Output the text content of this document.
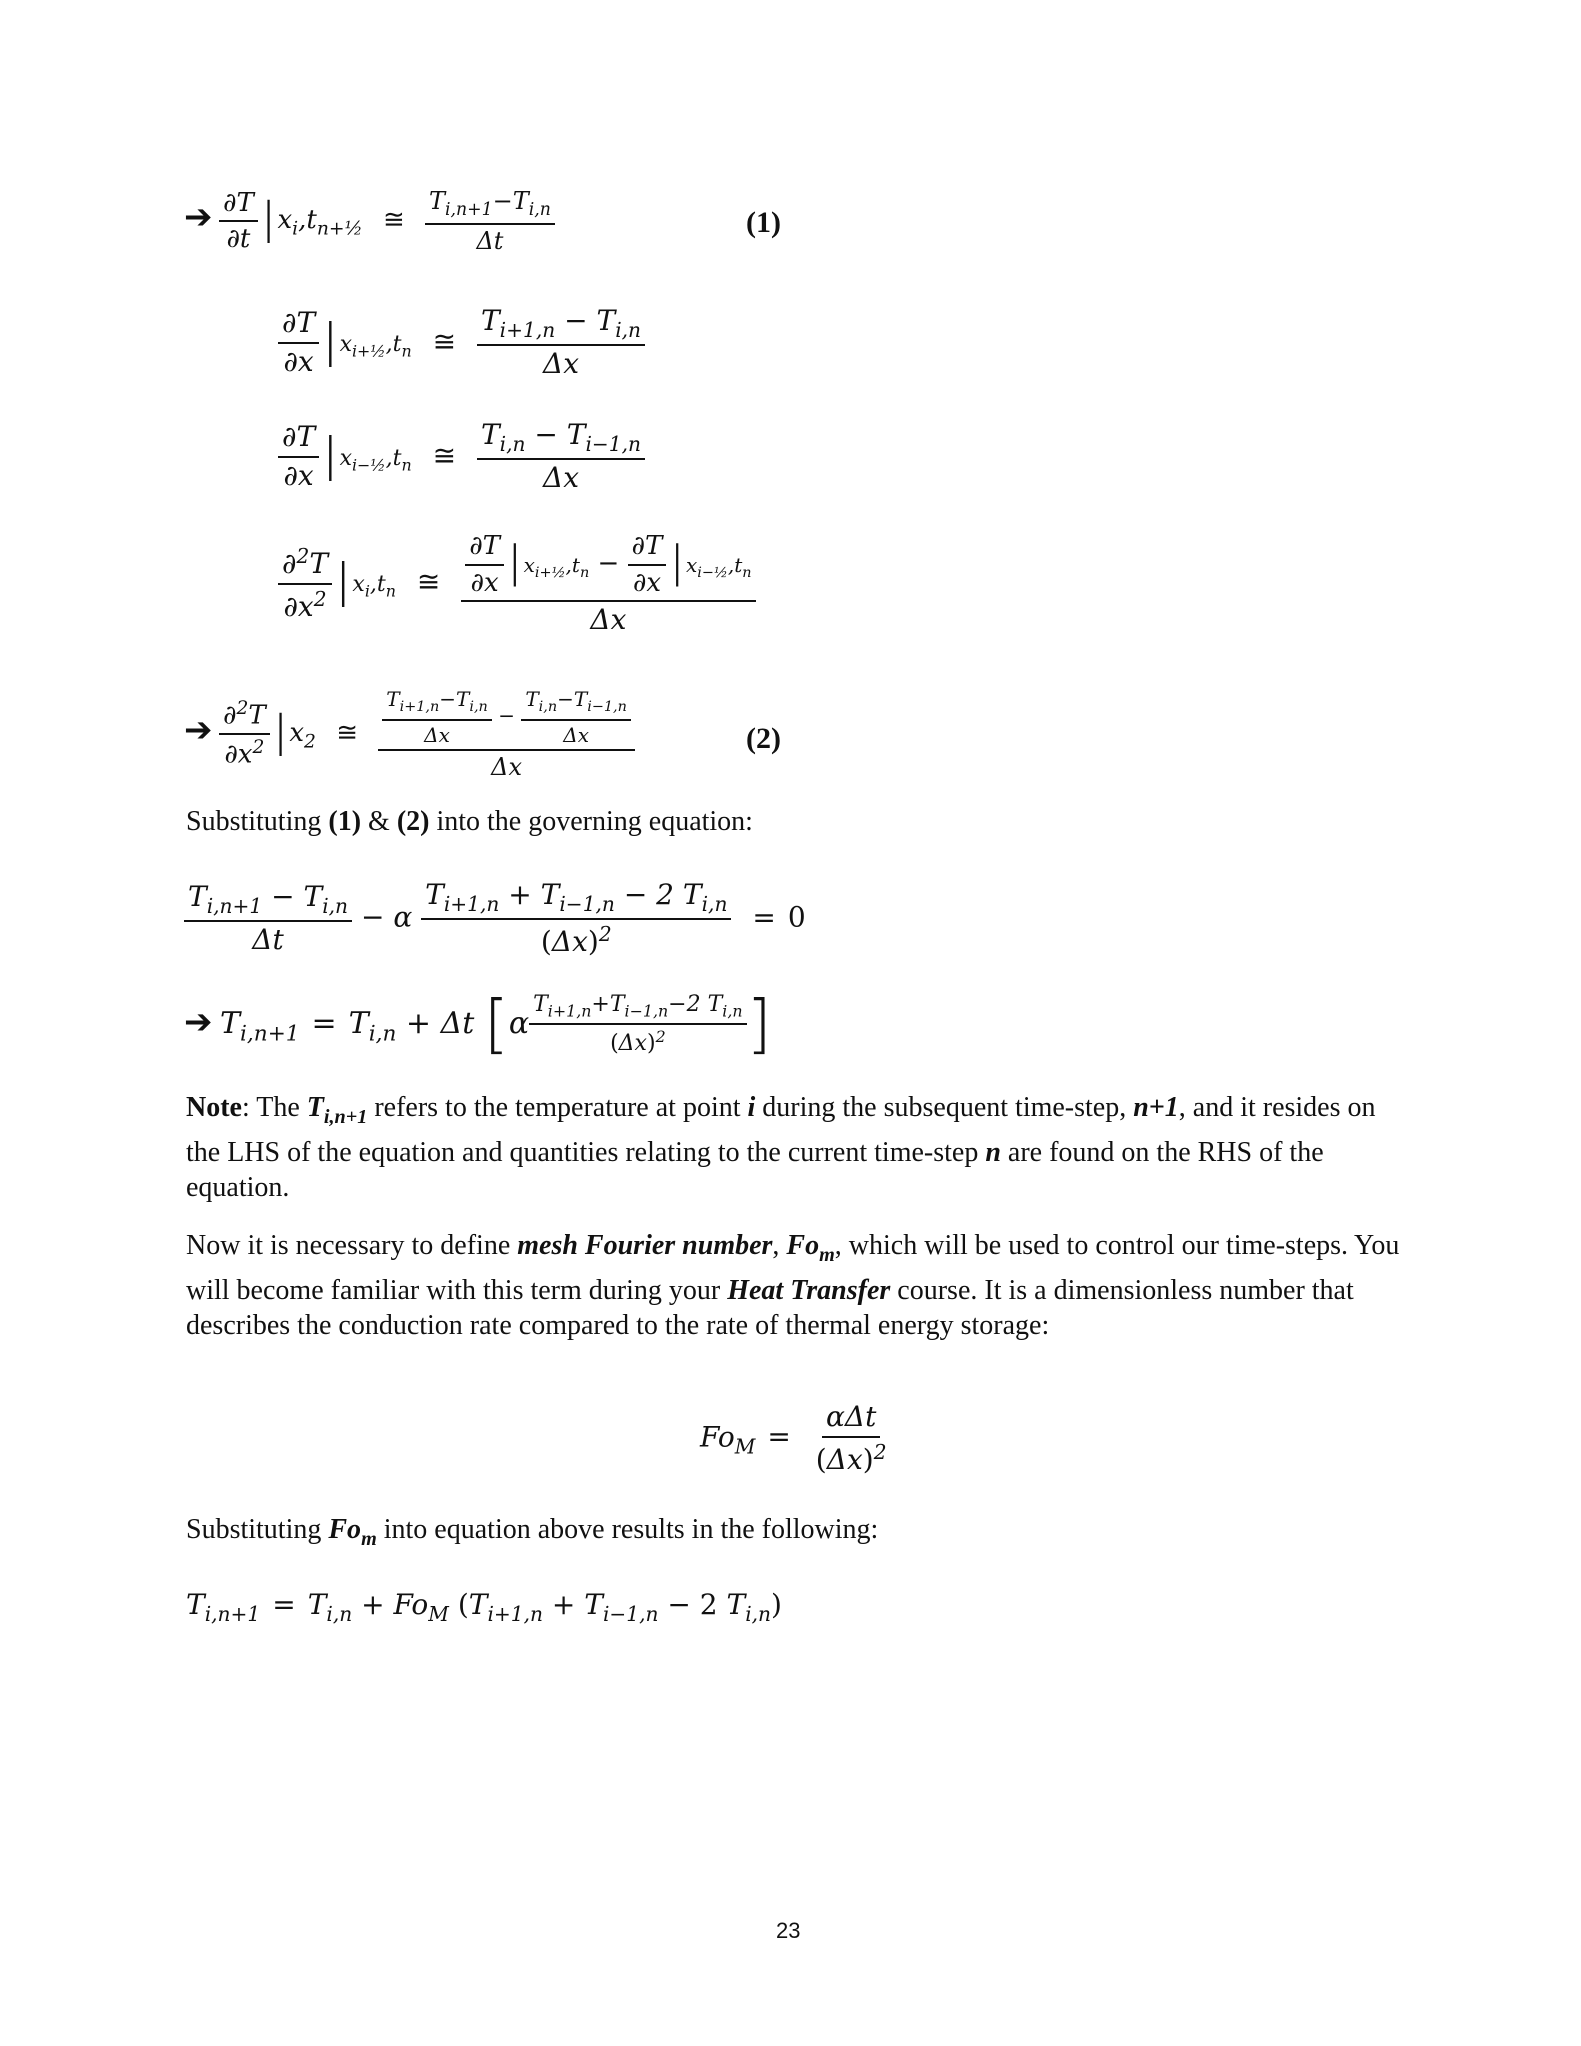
➔ $\frac{\partial T}{\partial t}$ | $x_i,t_{n+\frac{1}{2}}$ ≅ $\frac{T_{i,n+1}-T_{i,n}}{\Delta t}$	(1)
$\frac{\partial T}{\partial x}$ | $x_{i+\frac{1}{2}},t_n$ ≅ $\frac{T_{i+1,n} - T_{i,n}}{\Delta x}$
$\frac{\partial T}{\partial x}$ | $x_{i-\frac{1}{2}},t_n$ ≅ $\frac{T_{i,n} - T_{i-1,n}}{\Delta x}$
$\frac{\partial^2T}{\partial x^2}$ | $x_i,t_n$ ≅ $\frac{\frac{\partial T}{\partial x} | x_{i+\frac{1}{2}},t_n - \frac{\partial T}{\partial x} | x_{i-\frac{1}{2}},t_n}{\Delta x}$
➔ $\frac{\partial^2T}{\partial x^2}$ | $x_2$ ≅ $\frac{\frac{T_{i+1,n}-T_{i,n}}{\Delta x} - \frac{T_{i,n}-T_{i-1,n}}{\Delta x}}{\Delta x}$	(2)
Substituting (1) & (2) into the governing equation:
$\frac{T_{i,n+1} - T_{i,n}}{\Delta t} - \alpha \frac{T_{i+1,n} + T_{i-1,n} - 2 T_{i,n}}{(\Delta x)^2} = 0$
➔ $T_{i,n+1} = T_{i,n} + \Delta t$ [$\alpha \frac{T_{i+1,n}+T_{i-1,n}-2 T_{i,n}}{(\Delta x)^2}$ ]
Note: The $T_{i,n+1}$ refers to the temperature at point i during the subsequent time-step, n+1, and it resides on the LHS of the equation and quantities relating to the current time-step n are found on the RHS of the equation.
Now it is necessary to define mesh Fourier number, $Fo_m$, which will be used to control our time-steps. You will become familiar with this term during your Heat Transfer course. It is a dimensionless number that describes the conduction rate compared to the rate of thermal energy storage:
$Fo_M = \frac{\text{αΔt}}{(\Delta x)^2}$
Substituting $Fo_m$ into equation above results in the following:
$T_{i,n+1} = T_{i,n} + Fo_M$ ($T_{i+1,n} + T_{i-1,n} - 2$ $T_{i,n}$)
23
